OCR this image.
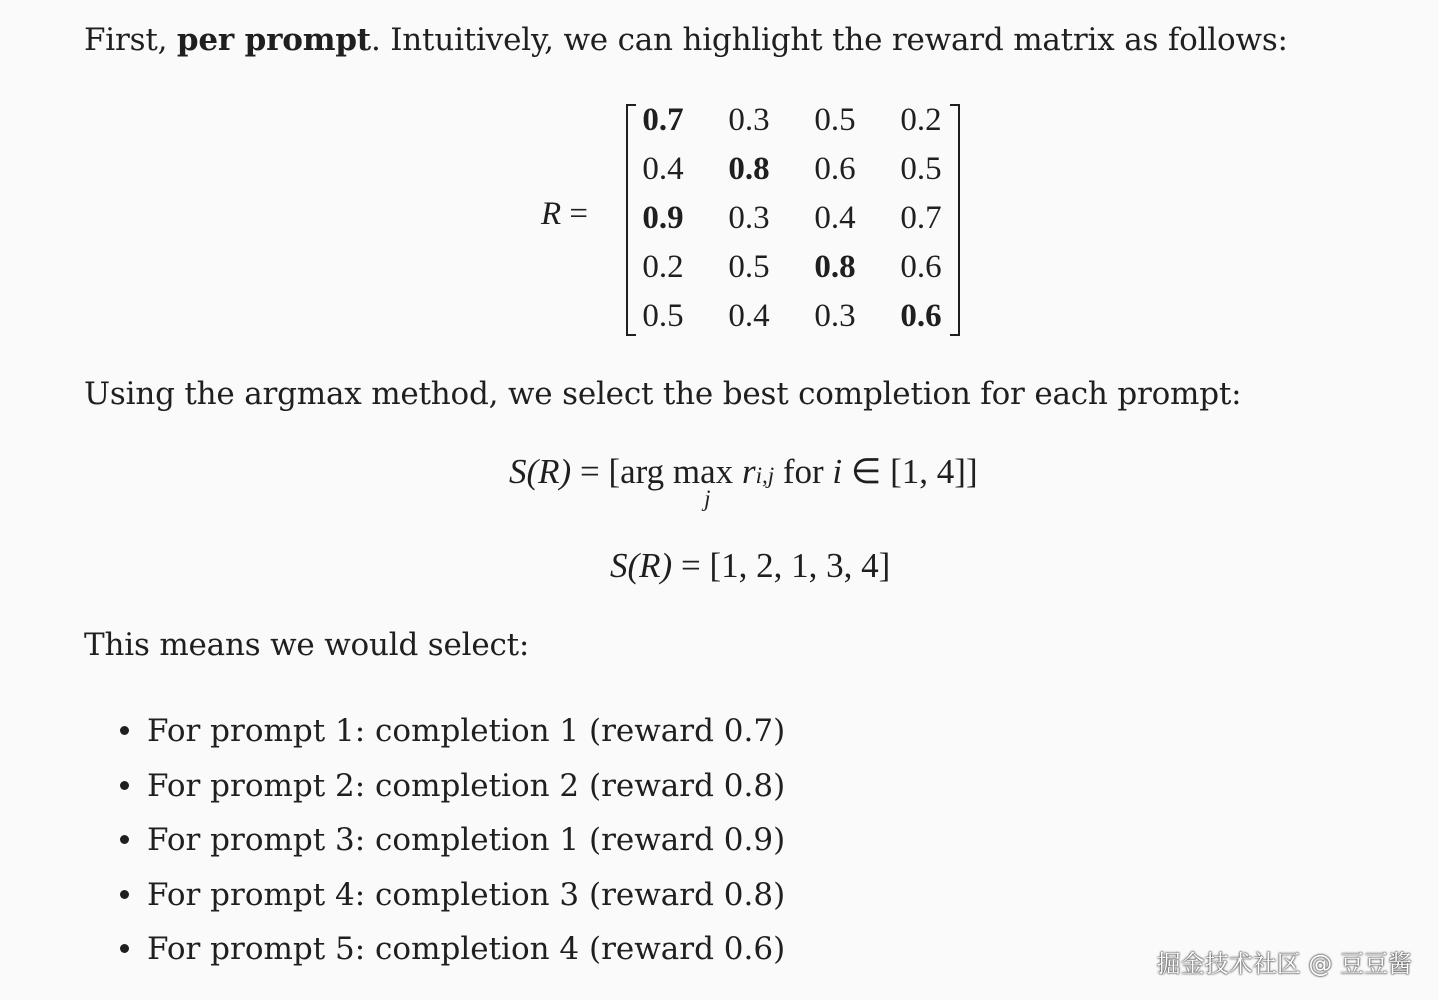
First, per prompt. Intuitively, we can highlight the reward matrix as follows:
R =
0.7	0.3	0.5	0.2
0.4	0.8	0.6	0.5
0.9	0.3	0.4	0.7
0.2	0.5	0.8	0.6
0.5	0.4	0.3	0.6
Using the argmax method, we select the best completion for each prompt:
S(R) = [arg max
j
ri,j for i ∈ [1, 4]]
S(R) = [1, 2, 1, 3, 4]
This means we would select:
For prompt 1: completion 1 (reward 0.7)
For prompt 2: completion 2 (reward 0.8)
For prompt 3: completion 1 (reward 0.9)
For prompt 4: completion 3 (reward 0.8)
For prompt 5: completion 4 (reward 0.6)	掘金技术社区 @ 豆豆酱
